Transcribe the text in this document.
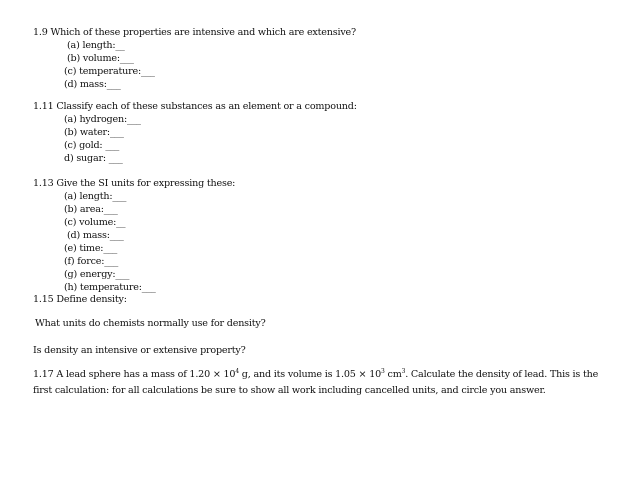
1.9 Which of these properties are intensive and which are extensive?
(a) length:__
(b) volume:___
(c) temperature:___
(d) mass:___
1.11 Classify each of these substances as an element or a compound:
(a) hydrogen:___
(b) water:___
(c) gold: ___
d) sugar: ___
1.13 Give the SI units for expressing these:
(a) length:___
(b) area:___
(c) volume:__
(d) mass:___
(e) time:___
(f) force:___
(g) energy:___
(h) temperature:___
1.15 Define density:
What units do chemists normally use for density?
Is density an intensive or extensive property?
1.17 A lead sphere has a mass of $1.20 \times 10^4$ g, and its volume is $1.05 \times 10^3$ $cm^3$. Calculate the density of lead. This is the first calculation: for all calculations be sure to show all work including cancelled units, and circle you answer.
